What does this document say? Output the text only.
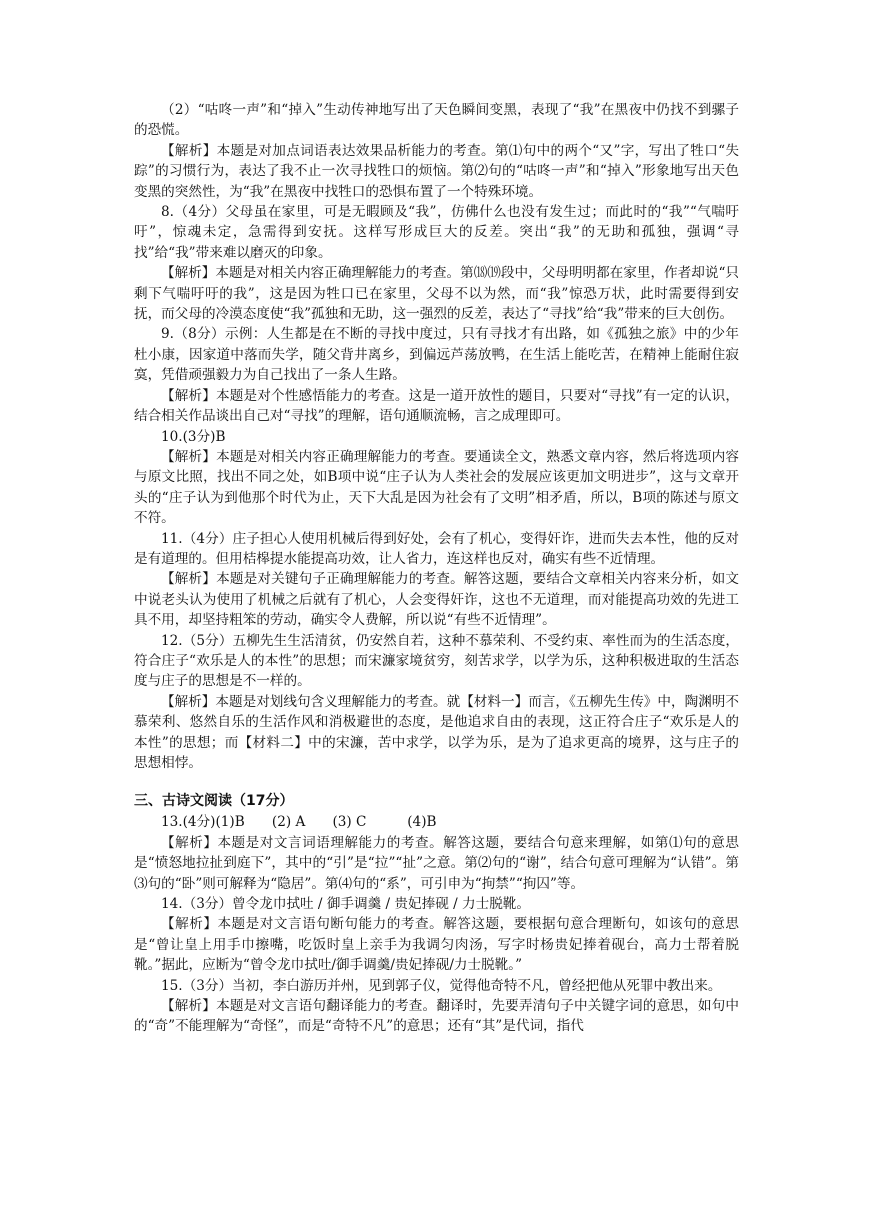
（2）“咕咚一声”和“掉入”生动传神地写出了天色瞬间变黑，表现了“我”在黑夜中仍找不到骡子的恐慌。

【解析】本题是对加点词语表达效果品析能力的考查。第⑴句中的两个“又”字，写出了牲口“失踪”的习惯行为，表达了我不止一次寻找牲口的烦恼。第⑵句的“咕咚一声”和“掉入”形象地写出天色变黑的突然性，为“我”在黑夜中找牲口的恐惧布置了一个特殊环境。

8.（4分）父母虽在家里，可是无暇顾及“我”，仿佛什么也没有发生过；而此时的“我”“气喘吁吁”，惊魂未定，急需得到安抚。这样写形成巨大的反差。突出“我”的无助和孤独，强调“寻找”给“我”带来难以磨灭的印象。

【解析】本题是对相关内容正确理解能力的考查。第⒅⒆段中，父母明明都在家里，作者却说“只剩下气喘吁吁的我”，这是因为牲口已在家里，父母不以为然，而“我”惊恐万状，此时需要得到安抚，而父母的冷漠态度使“我”孤独和无助，这一强烈的反差，表达了“寻找”给“我”带来的巨大创伤。

9.（8分）示例：人生都是在不断的寻找中度过，只有寻找才有出路，如《孤独之旅》中的少年杜小康，因家道中落而失学，随父背井离乡，到偏远芦荡放鸭，在生活上能吃苦，在精神上能耐住寂寞，凭借顽强毅力为自己找出了一条人生路。

【解析】本题是对个性感悟能力的考查。这是一道开放性的题目，只要对“寻找”有一定的认识，结合相关作品谈出自己对“寻找”的理解，语句通顺流畅，言之成理即可。

10.(3分)B

【解析】本题是对相关内容正确理解能力的考查。要通读全文，熟悉文章内容，然后将选项内容与原文比照，找出不同之处，如B项中说“庄子认为人类社会的发展应该更加文明进步”，这与文章开头的“庄子认为到他那个时代为止，天下大乱是因为社会有了文明”相矛盾，所以，B项的陈述与原文不符。

11.（4分）庄子担心人使用机械后得到好处，会有了机心，变得奸诈，进而失去本性，他的反对是有道理的。但用桔槔提水能提高功效，让人省力，连这样也反对，确实有些不近情理。

【解析】本题是对关键句子正确理解能力的考查。解答这题，要结合文章相关内容来分析，如文中说老头认为使用了机械之后就有了机心，人会变得奸诈，这也不无道理，而对能提高功效的先进工具不用，却坚持粗笨的劳动，确实令人费解，所以说“有些不近情理”。

12.（5分）五柳先生生活清贫，仍安然自若，这种不慕荣利、不受约束、率性而为的生活态度，符合庄子“欢乐是人的本性”的思想；而宋濂家境贫穷，刻苦求学，以学为乐，这种积极进取的生活态度与庄子的思想是不一样的。

【解析】本题是对划线句含义理解能力的考查。就【材料一】而言，《五柳先生传》中，陶渊明不慕荣利、悠然自乐的生活作风和消极避世的态度，是他追求自由的表现，这正符合庄子“欢乐是人的本性”的思想；而【材料二】中的宋濂，苦中求学，以学为乐，是为了追求更高的境界，这与庄子的思想相悖。

三、古诗文阅读（17分）

13.(4分)(1)B　　(2) A　　(3) C　　　(4)B

【解析】本题是对文言词语理解能力的考查。解答这题，要结合句意来理解，如第⑴句的意思是“愤怒地拉扯到庭下”，其中的“引”是“拉”“扯”之意。第⑵句的“谢”，结合句意可理解为“认错”。第⑶句的“卧”则可解释为“隐居”。第⑷句的“系”，可引申为“拘禁”“拘囚”等。

14.（3分）曾令龙巾拭吐 / 御手调羹 / 贵妃捧砚 / 力士脱靴。

【解析】本题是对文言语句断句能力的考查。解答这题，要根据句意合理断句，如该句的意思是“曾让皇上用手巾擦嘴，吃饭时皇上亲手为我调匀肉汤，写字时杨贵妃捧着砚台，高力士帮着脱靴。”据此，应断为“曾令龙巾拭吐/御手调羹/贵妃捧砚/力士脱靴。”

15.（3分）当初，李白游历并州，见到郭子仪，觉得他奇特不凡，曾经把他从死罪中教出来。

【解析】本题是对文言语句翻译能力的考查。翻译时，先要弄清句子中关键字词的意思，如句中的“奇”不能理解为“奇怪”，而是“奇特不凡”的意思；还有“其”是代词，指代
